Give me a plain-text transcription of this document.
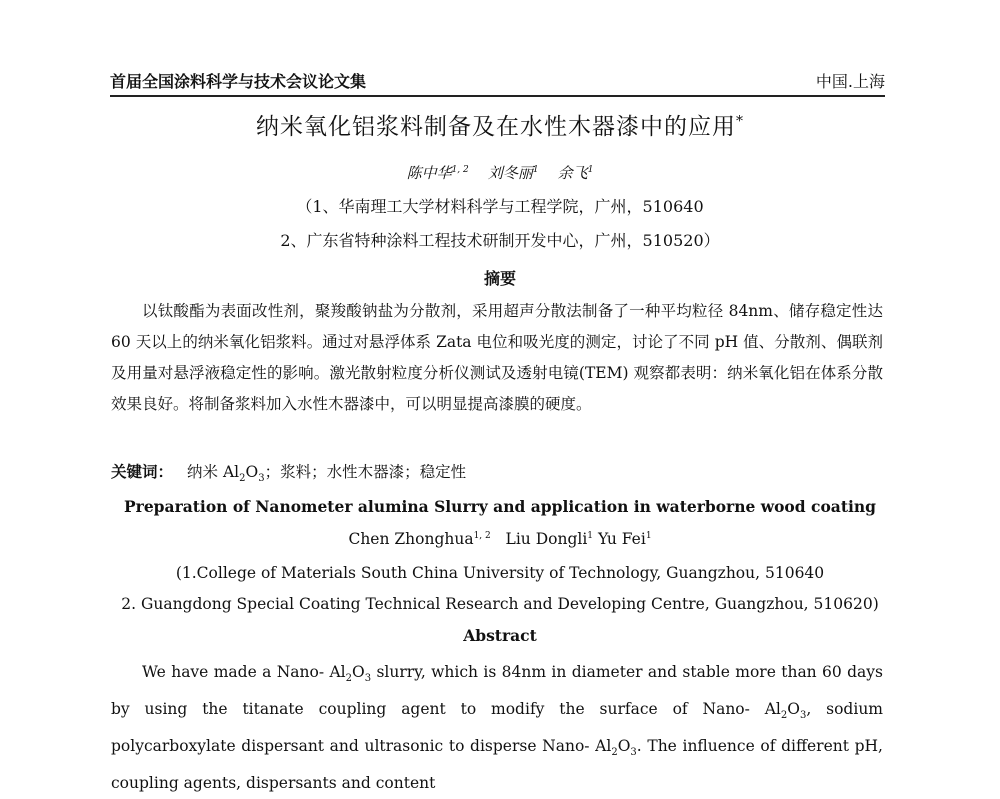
首届全国涂料科学与技术会议论文集	中国.上海
纳米氧化铝浆料制备及在水性木器漆中的应用*
陈中华$^{1, 2}$ 刘冬丽$^1$ 余飞$^1$
（1、华南理工大学材料科学与工程学院，广州，510640
2、广东省特种涂料工程技术研制开发中心，广州，510520）
摘要
以钛酸酯为表面改性剂，聚羧酸钠盐为分散剂，采用超声分散法制备了一种平均粒径 84nm、储存稳定性达 60 天以上的纳米氧化铝浆料。通过对悬浮体系 Zata 电位和吸光度的测定，讨论了不同 pH 值、分散剂、偶联剂及用量对悬浮液稳定性的影响。激光散射粒度分析仪测试及透射电镜(TEM) 观察都表明：纳米氧化铝在体系分散效果良好。将制备浆料加入水性木器漆中，可以明显提高漆膜的硬度。
关键词： 纳米 $Al_2O_3$；浆料；水性木器漆；稳定性
Preparation of Nanometer alumina Slurry and application in waterborne wood coating
Chen Zhonghua$^{1, 2}$ Liu Dongli$^1$ Yu Fei$^1$
(1.College of Materials South China University of Technology, Guangzhou, 510640
2. Guangdong Special Coating Technical Research and Developing Centre, Guangzhou, 510620)
Abstract
We have made a Nano- $Al_2O_3$ slurry, which is 84nm in diameter and stable more than 60 days by using the titanate coupling agent to modify the surface of Nano- $Al_2O_3$, sodium polycarboxylate dispersant and ultrasonic to disperse Nano- $Al_2O_3$. The influence of different pH, coupling agents, dispersants and content
